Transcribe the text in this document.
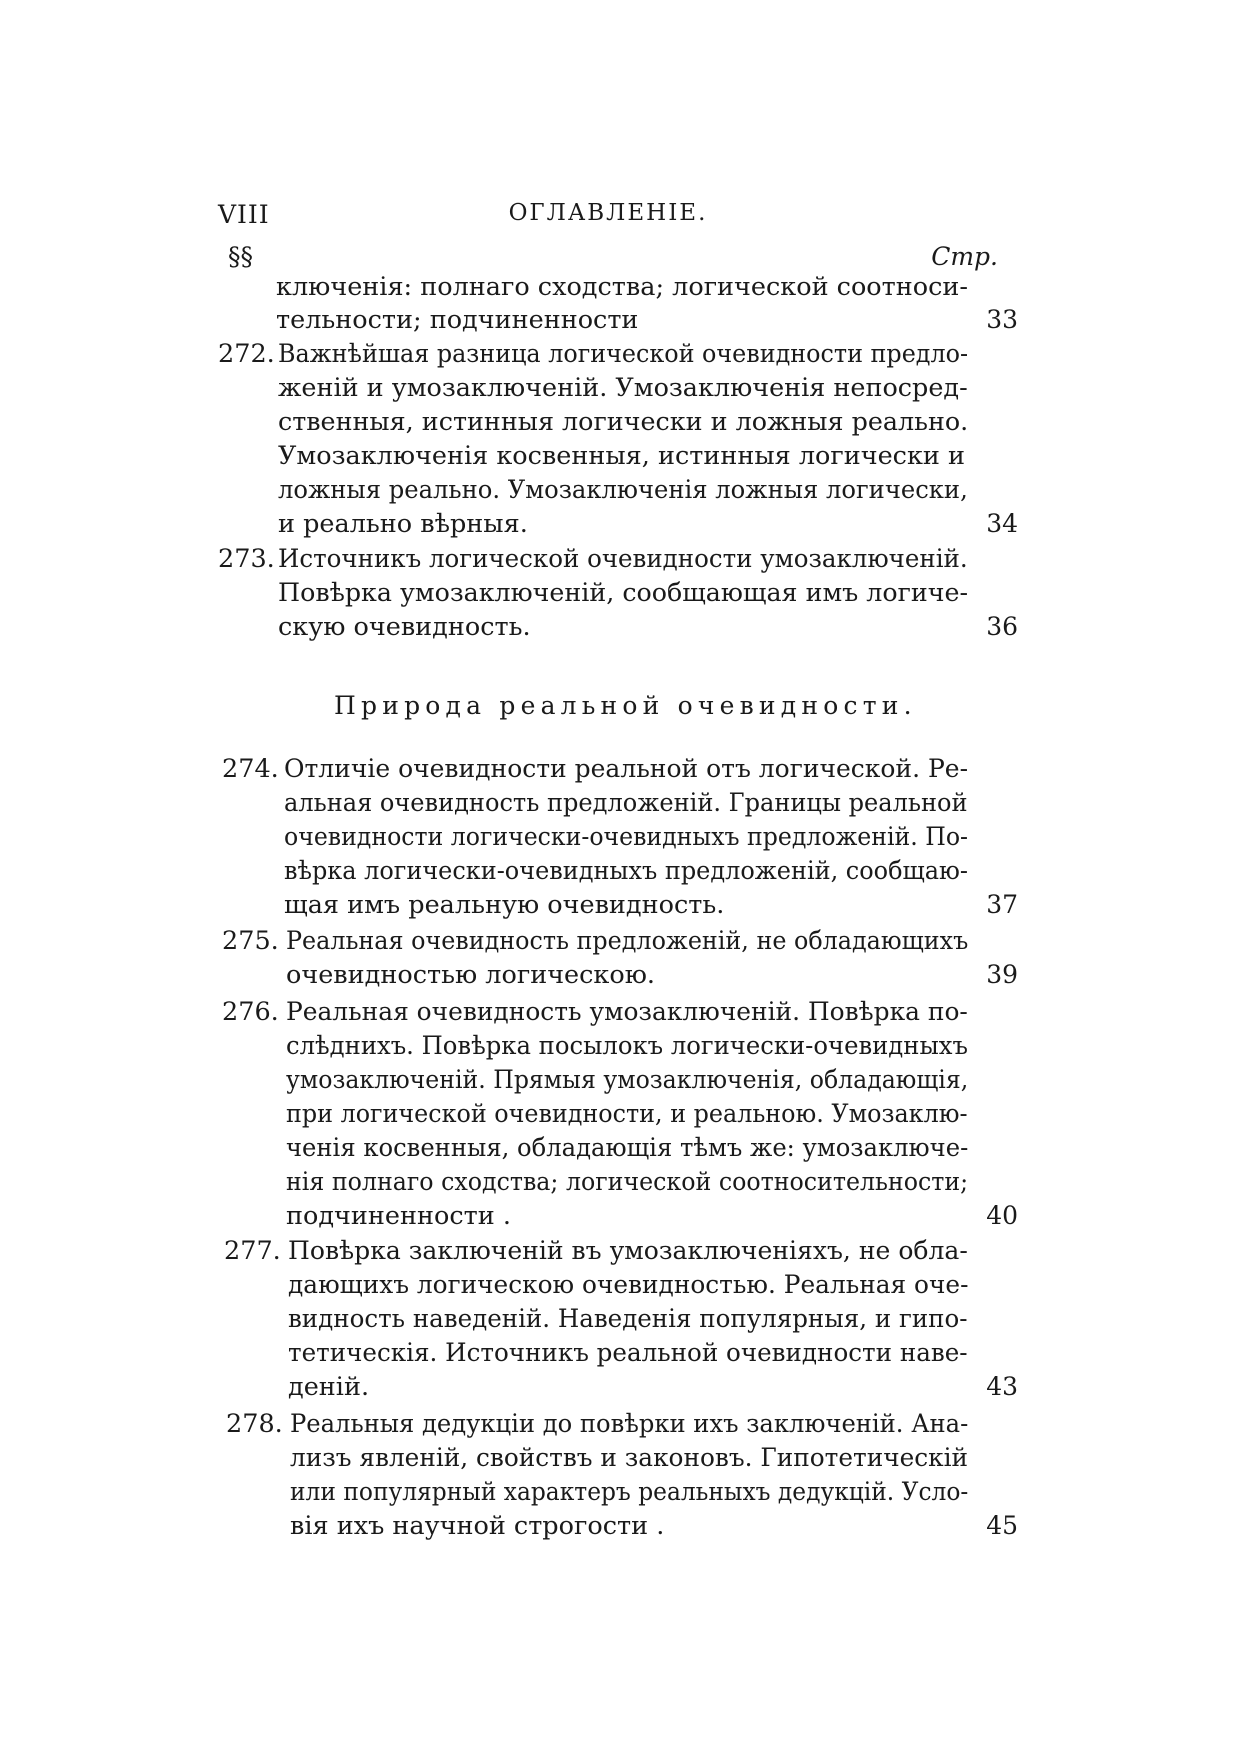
VIII	ОГЛАВЛЕНІЕ.
§§	Стр.
ключенія: полнаго сходства; логической соотноси-
тельности; подчиненности	33
272. Важнѣйшая разница логической очевидности предло-
женій и умозаключеній. Умозаключенія непосред-
ственныя, истинныя логически и ложныя реально.
Умозаключенія косвенныя, истинныя логически и
ложныя реально. Умозаключенія ложныя логически,
и реально вѣрныя.	34
273. Источникъ логической очевидности умозаключеній.
Повѣрка умозаключеній, сообщающая имъ логиче-
скую очевидность.	36
Природа реальной очевидности.
274. Отличіе очевидности реальной отъ логической. Ре-
альная очевидность предложеній. Границы реальной
очевидности логически-очевидныхъ предложеній. По-
вѣрка логически-очевидныхъ предложеній, сообщаю-
щая имъ реальную очевидность.	37
275. Реальная очевидность предложеній, не обладающихъ
очевидностью логическою.	39
276. Реальная очевидность умозаключеній. Повѣрка по-
слѣднихъ. Повѣрка посылокъ логически-очевидныхъ
умозаключеній. Прямыя умозаключенія, обладающія,
при логической очевидности, и реальною. Умозаклю-
ченія косвенныя, обладающія тѣмъ же: умозаключе-
нія полнаго сходства; логической соотносительности;
подчиненности .	40
277. Повѣрка заключеній въ умозаключеніяхъ, не обла-
дающихъ логическою очевидностью. Реальная оче-
видность наведеній. Наведенія популярныя, и гипо-
тетическія. Источникъ реальной очевидности наве-
деній.	43
278. Реальныя дедукціи до повѣрки ихъ заключеній. Ана-
лизъ явленій, свойствъ и законовъ. Гипотетическій
или популярный характеръ реальныхъ дедукцій. Усло-
вія ихъ научной строгости .	45
